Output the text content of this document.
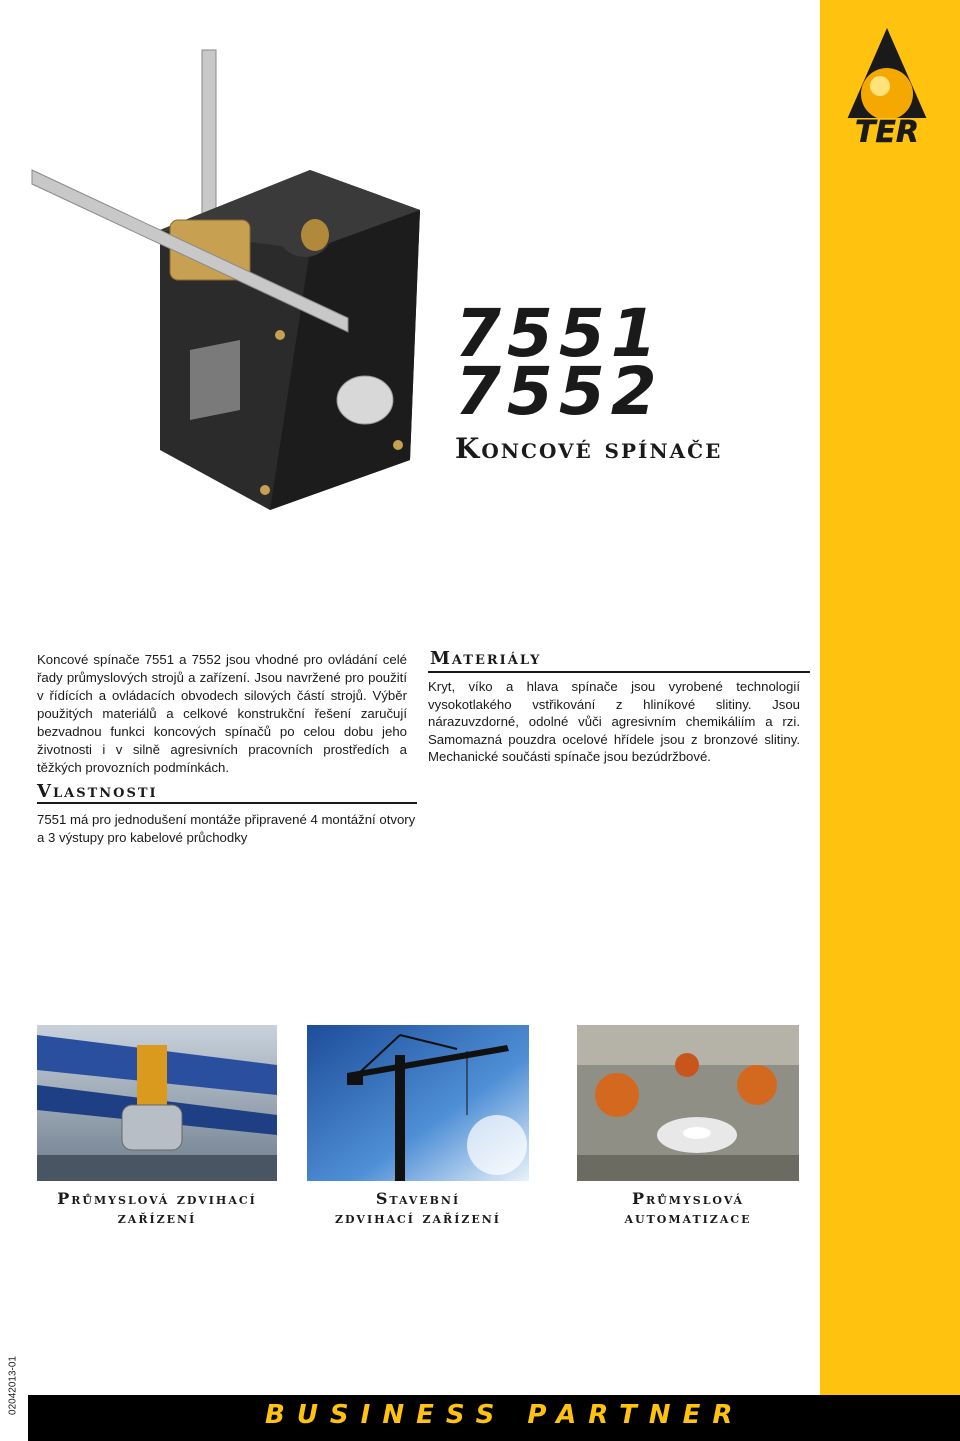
TER
7551
7552
Koncové spínače
Koncové spínače 7551 a 7552 jsou vhodné pro ovládání celé řady průmyslových strojů a zařízení. Jsou navržené pro použití v řídících a ovládacích obvodech silových částí strojů. Výběr použitých materiálů a celkové konstrukční řešení zaručují bezvadnou funkci koncových spínačů po celou dobu jeho životnosti i v silně agresivních pracovních prostředích a těžkých provozních podmínkách.
Materiály
Kryt, víko a hlava spínače jsou vyrobené technologií vysokotlakého vstřikování z hliníkové slitiny. Jsou nárazuvzdorné, odolné vůči agresivním chemikáliím a rzi. Samomazná pouzdra ocelové hřídele jsou z bronzové slitiny. Mechanické součásti spínače jsou bezúdržbové.
Vlastnosti
7551 má pro jednodušení montáže připravené 4 montážní otvory a 3 výstupy pro kabelové průchodky
Průmyslová zdvihací
zařízení
Stavební
zdvihací zařízení
Průmyslová
automatizace
02042013-01
BUSINESS PARTNER
